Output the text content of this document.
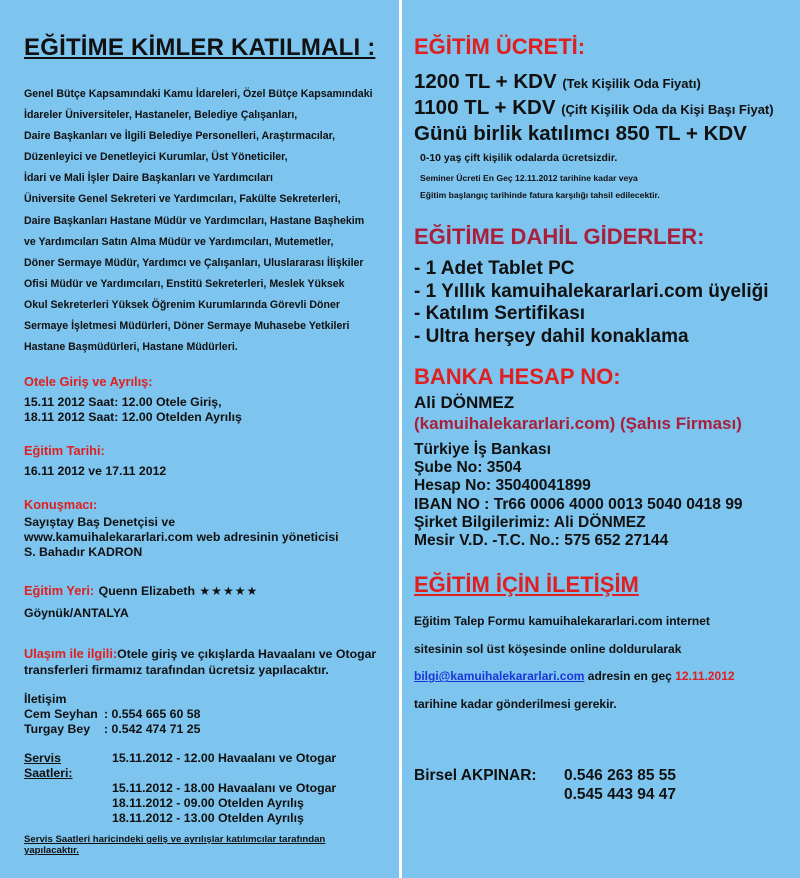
EĞİTİME KİMLER KATILMALI :
Genel Bütçe Kapsamındaki Kamu İdareleri, Özel Bütçe Kapsamındaki
İdareler Üniversiteler, Hastaneler, Belediye Çalışanları,
Daire Başkanları ve İlgili Belediye Personelleri, Araştırmacılar,
Düzenleyici ve Denetleyici Kurumlar, Üst Yöneticiler,
İdari ve Mali İşler Daire Başkanları ve Yardımcıları
Üniversite Genel Sekreteri ve Yardımcıları, Fakülte Sekreterleri,
Daire Başkanları Hastane Müdür ve Yardımcıları, Hastane Başhekim
ve Yardımcıları Satın Alma Müdür ve Yardımcıları, Mutemetler,
Döner Sermaye Müdür, Yardımcı ve Çalışanları, Uluslararası İlişkiler
Ofisi Müdür ve Yardımcıları, Enstitü Sekreterleri, Meslek Yüksek
Okul Sekreterleri Yüksek Öğrenim Kurumlarında Görevli Döner
Sermaye İşletmesi Müdürleri, Döner Sermaye Muhasebe Yetkileri
Hastane Başmüdürleri, Hastane Müdürleri.
Otele Giriş ve Ayrılış:
15.11 2012 Saat: 12.00 Otele Giriş,
18.11 2012 Saat: 12.00 Otelden Ayrılış
Eğitim Tarihi:
16.11 2012 ve 17.11 2012
Konuşmacı:
Sayıştay Baş Denetçisi ve
www.kamuihalekararlari.com web adresinin yöneticisi
S. Bahadır KADRON
Eğitim Yeri: Quenn Elizabeth ★★★★★
Göynük/ANTALYA
Ulaşım ile ilgili:Otele giriş ve çıkışlarda Havaalanı ve Otogar
transferleri firmamız tarafından ücretsiz yapılacaktır.
İletişim
Cem Seyhan :
0.554 665 60 58
Turgay Bey	:
0.542 474 71 25
Servis Saatleri:
15.11.2012 - 12.00 Havaalanı ve Otogar
15.11.2012 - 18.00 Havaalanı ve Otogar
18.11.2012 - 09.00 Otelden Ayrılış
18.11.2012 - 13.00 Otelden Ayrılış
Servis Saatleri haricindeki geliş ve ayrılışlar katılımcılar tarafından
yapılacaktır.
EĞİTİM ÜCRETİ:
1200 TL + KDV (Tek Kişilik Oda Fiyatı)
1100 TL + KDV (Çift Kişilik Oda da Kişi Başı Fiyat)
Günü birlik katılımcı 850 TL + KDV
0-10 yaş çift kişilik odalarda ücretsizdir.
Seminer Ücreti En Geç 12.11.2012 tarihine kadar veya
Eğitim başlangıç tarihinde fatura karşılığı tahsil edilecektir.
EĞİTİME DAHİL GİDERLER:
- 1 Adet Tablet PC
- 1 Yıllık kamuihalekararlari.com üyeliği
- Katılım Sertifikası
- Ultra herşey dahil konaklama
BANKA HESAP NO:
Ali DÖNMEZ
(kamuihalekararlari.com) (Şahıs Firması)
Türkiye İş Bankası
Şube No: 3504
Hesap No: 35040041899
IBAN NO : Tr66 0006 4000 0013 5040 0418 99
Şirket Bilgilerimiz: Ali DÖNMEZ
Mesir V.D. -T.C. No.: 575 652 27144
EĞİTİM İÇİN İLETİŞİM
Eğitim Talep Formu kamuihalekararlari.com internet
sitesinin sol üst köşesinde online doldurularak
bilgi@kamuihalekararlari.com adresin en geç 12.11.2012
tarihine kadar gönderilmesi gerekir.
Birsel AKPINAR:	0.546 263 85 55
0.545 443 94 47
